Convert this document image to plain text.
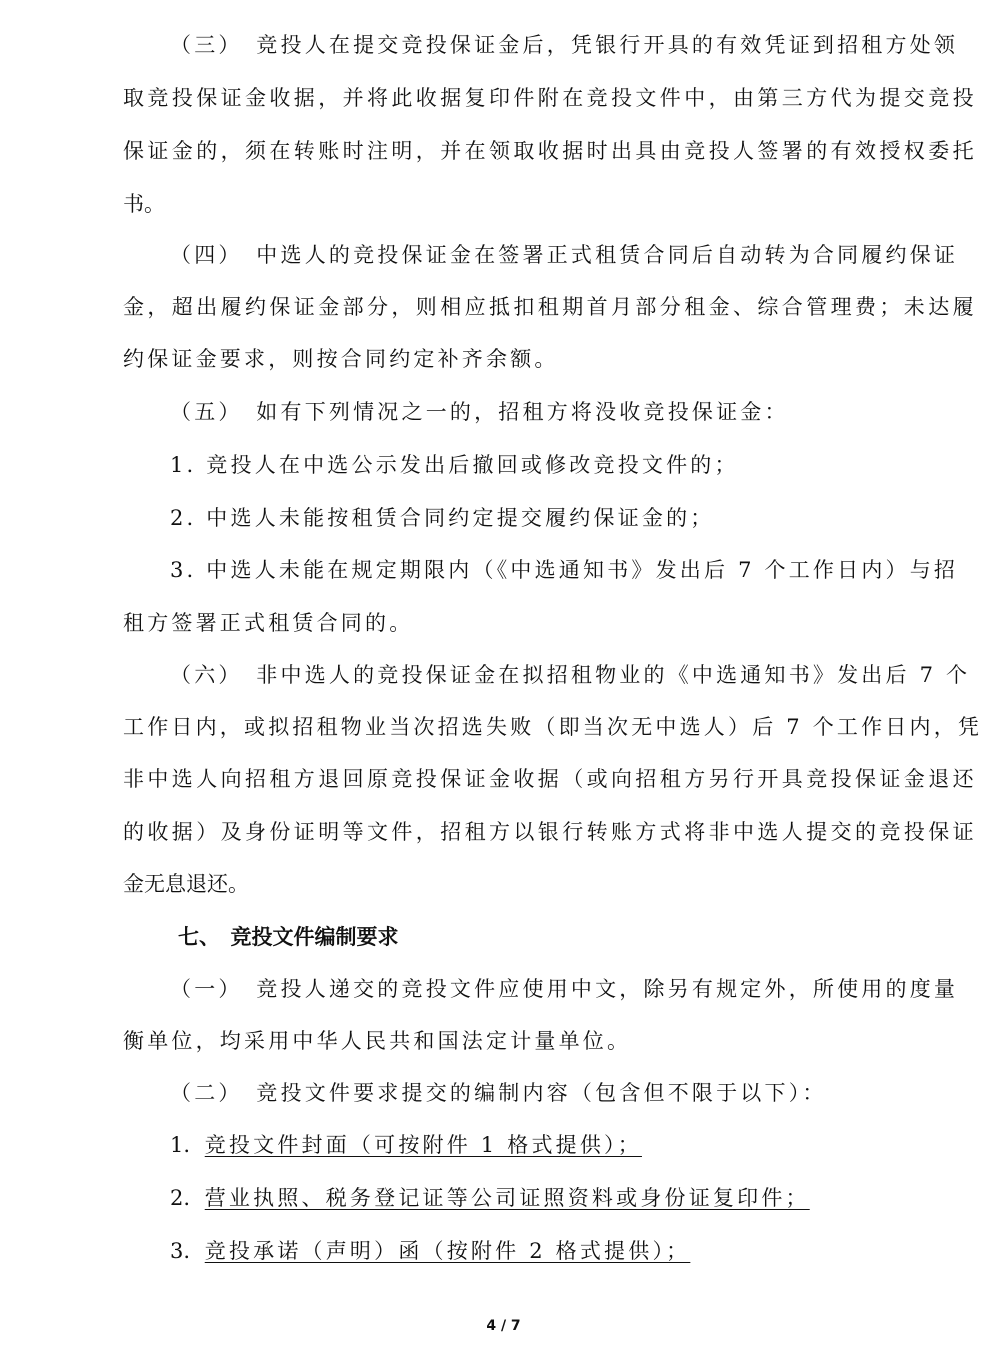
（三）　竞投人在提交竞投保证金后，凭银行开具的有效凭证到招租方处领
取竞投保证金收据，并将此收据复印件附在竞投文件中，由第三方代为提交竞投
保证金的，须在转账时注明，并在领取收据时出具由竞投人签署的有效授权委托
书。
（四）　中选人的竞投保证金在签署正式租赁合同后自动转为合同履约保证
金，超出履约保证金部分，则相应抵扣租期首月部分租金、综合管理费；未达履
约保证金要求，则按合同约定补齐余额。
（五）　如有下列情况之一的，招租方将没收竞投保证金：
1. 竞投人在中选公示发出后撤回或修改竞投文件的；
2. 中选人未能按租赁合同约定提交履约保证金的；
3. 中选人未能在规定期限内（《中选通知书》发出后 7 个工作日内）与招
租方签署正式租赁合同的。
（六）　非中选人的竞投保证金在拟招租物业的《中选通知书》发出后 7 个
工作日内，或拟招租物业当次招选失败（即当次无中选人）后 7 个工作日内，凭
非中选人向招租方退回原竞投保证金收据（或向招租方另行开具竞投保证金退还
的收据）及身份证明等文件，招租方以银行转账方式将非中选人提交的竞投保证
金无息退还。
七、　竞投文件编制要求
（一）　竞投人递交的竞投文件应使用中文，除另有规定外，所使用的度量
衡单位，均采用中华人民共和国法定计量单位。
（二）　竞投文件要求提交的编制内容（包含但不限于以下）：
1. 竞投文件封面（可按附件 1 格式提供）；
2. 营业执照、税务登记证等公司证照资料或身份证复印件；
3. 竞投承诺（声明）函（按附件 2 格式提供）；
4 / 7
